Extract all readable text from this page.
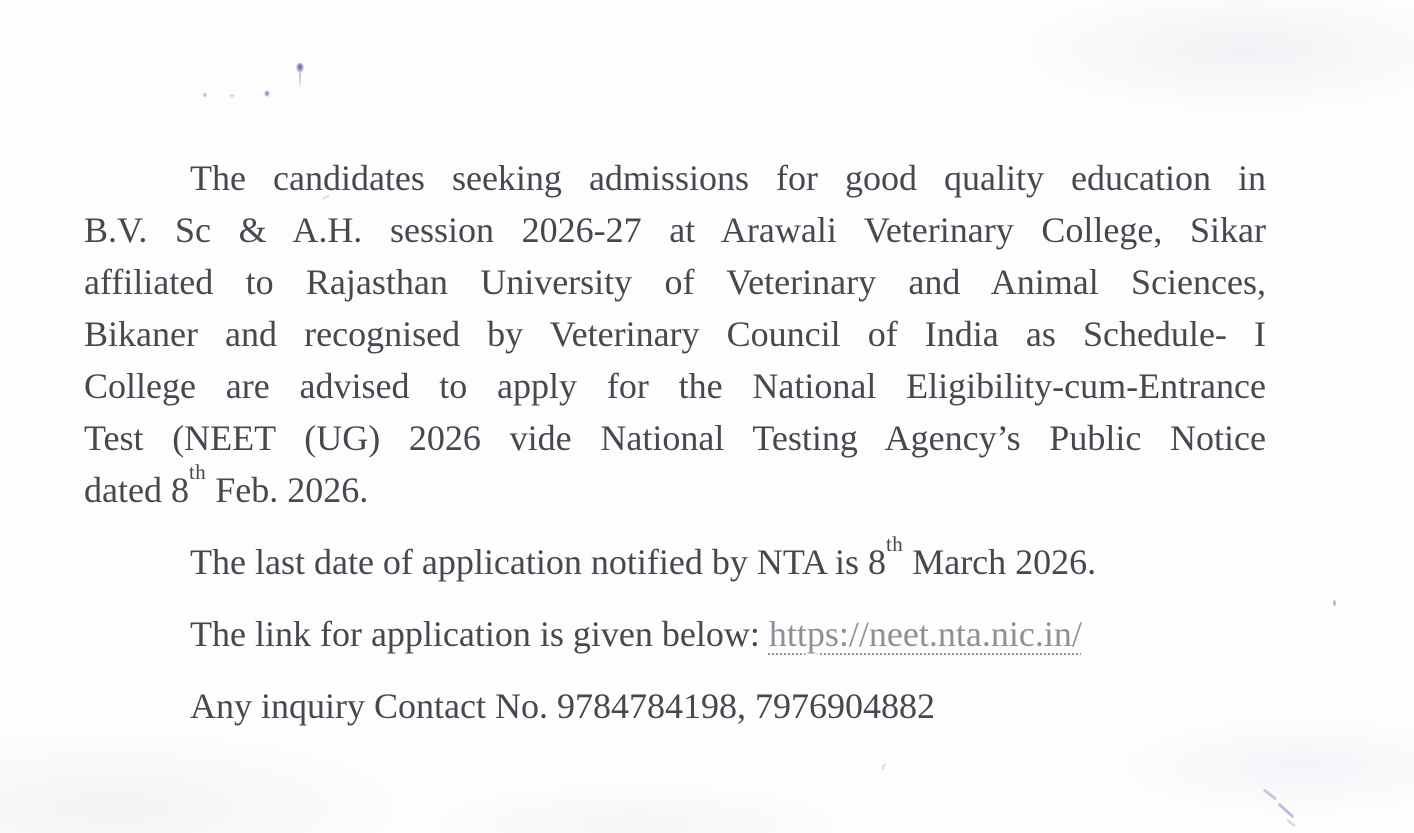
The candidates seeking admissions for good quality education in
B.V. Sc & A.H. session 2026-27 at Arawali Veterinary College, Sikar
affiliated to Rajasthan University of Veterinary and Animal Sciences,
Bikaner and recognised by Veterinary Council of India as Schedule- I
College are advised to apply for the National Eligibility-cum-Entrance
Test (NEET (UG) 2026 vide National Testing Agency’s Public Notice
dated 8th Feb. 2026.
The last date of application notified by NTA is 8th March 2026.
The link for application is given below: https://neet.nta.nic.in/
Any inquiry Contact No. 9784784198, 7976904882
